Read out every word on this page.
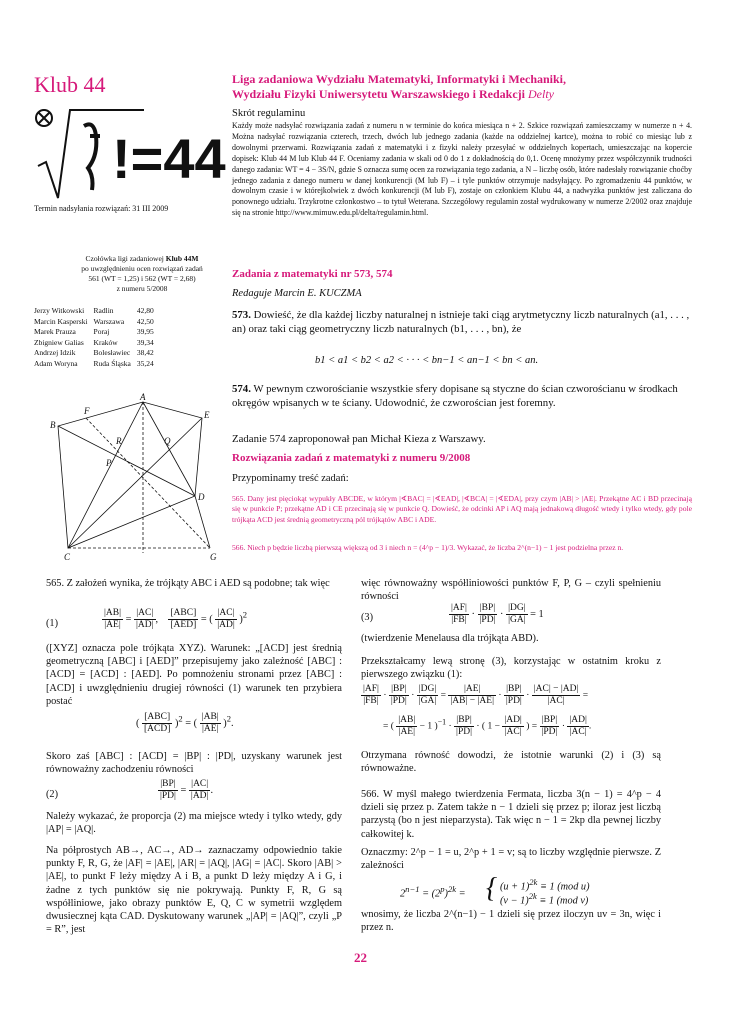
Klub 44
!=44
Termin nadsyłania rozwiązań: 31 III 2009
Czołówka ligi zadaniowej Klub 44M
po uwzględnieniu ocen rozwiązań zadań
561 (WT = 1,25) i 562 (WT = 2,68)
z numeru 5/2008
Jerzy Witkowski	Radlin	42,80
Marcin Kasperski	Warszawa	42,50
Marek Prauza	Poraj	39,95
Zbigniew Galias	Kraków	39,34
Andrzej Idzik	Bolesławiec	38,42
Adam Woryna	Ruda Śląska	35,24
A
B
C
D
E
F
G
P
Q
R
Liga zadaniowa Wydziału Matematyki, Informatyki i Mechaniki,
Wydziału Fizyki Uniwersytetu Warszawskiego i Redakcji Delty
Skrót regulaminu
Każdy może nadsyłać rozwiązania zadań z numeru n w terminie do końca miesiąca n + 2. Szkice rozwiązań zamieszczamy w numerze n + 4. Można nadsyłać rozwiązania czterech, trzech, dwóch lub jednego zadania (każde na oddzielnej kartce), można to robić co miesiąc lub z dowolnymi przerwami. Rozwiązania zadań z matematyki i z fizyki należy przesyłać w oddzielnych kopertach, umieszczając na kopercie dopisek: Klub 44 M lub Klub 44 F. Oceniamy zadania w skali od 0 do 1 z dokładnością do 0,1. Ocenę mnożymy przez współczynnik trudności danego zadania: WT = 4 − 3S/N, gdzie S oznacza sumę ocen za rozwiązania tego zadania, a N – liczbę osób, które nadesłały rozwiązanie choćby jednego zadania z danego numeru w danej konkurencji (M lub F) – i tyle punktów otrzymuje nadsyłający. Po zgromadzeniu 44 punktów, w dowolnym czasie i w którejkolwiek z dwóch konkurencji (M lub F), zostaje on członkiem Klubu 44, a nadwyżka punktów jest zaliczana do ponownego udziału. Trzykrotne członkostwo – to tytuł Weterana. Szczegółowy regulamin został wydrukowany w numerze 2/2002 oraz znajduje się na stronie http://www.mimuw.edu.pl/delta/regulamin.html.
Zadania z matematyki nr 573, 574
Redaguje Marcin E. KUCZMA
573. Dowieść, że dla każdej liczby naturalnej n istnieje taki ciąg arytmetyczny liczb naturalnych (a1, . . . , an) oraz taki ciąg geometryczny liczb naturalnych (b1, . . . , bn), że
b1 < a1 < b2 < a2 < · · · < bn−1 < an−1 < bn < an.
574. W pewnym czworościanie wszystkie sfery dopisane są styczne do ścian czworościanu w środkach okręgów wpisanych w te ściany. Udowodnić, że czworościan jest foremny.
Zadanie 574 zaproponował pan Michał Kieza z Warszawy.
Rozwiązania zadań z matematyki z numeru 9/2008
Przypominamy treść zadań:
565. Dany jest pięciokąt wypukły ABCDE, w którym |∢BAC| = |∢EAD|, |∢BCA| = |∢EDA|, przy czym |AB| > |AE|. Przekątne AC i BD przecinają się w punkcie P; przekątne AD i CE przecinają się w punkcie Q. Dowieść, że odcinki AP i AQ mają jednakową długość wtedy i tylko wtedy, gdy pole trójkąta ACD jest średnią geometryczną pól trójkątów ABC i ADE.
566. Niech p będzie liczbą pierwszą większą od 3 i niech n = (4^p − 1)/3. Wykazać, że liczba 2^(n−1) − 1 jest podzielna przez n.
565. Z założeń wynika, że trójkąty ABC i AED są podobne; tak więc
(1)	$\frac{|AB|}{|AE|} = \frac{|AC|}{|AD|}$ , $\frac{\text{[ABC]}}{\text{[AED]}}$ = ( $\frac{|AC|}{|AD|} )^2$
([XYZ] oznacza pole trójkąta XYZ). Warunek: „[ACD] jest średnią geometryczną [ABC] i [AED]” przepisujemy jako zależność [ABC] : [ACD] = [ACD] : [AED]. Po pomnożeniu stronami przez [ABC] : [ACD] i uwzględnieniu drugiej równości (1) warunek ten przybiera postać
( $\frac{\text{[ABC]}}{\text{[ACD]}} )^2$ = ( $\frac{|AB|}{|AE|} )^2$.
Skoro zaś [ABC] : [ACD] = |BP| : |PD|, uzyskany warunek jest równoważny zachodzeniu równości
(2)	$\frac{|BP|}{|PD|} = \frac{|AC|}{|AD|}$ .
Należy wykazać, że proporcja (2) ma miejsce wtedy i tylko wtedy, gdy |AP| = |AQ|.
Na półprostych AB→, AC→, AD→ zaznaczamy odpowiednio takie punkty F, R, G, że |AF| = |AE|, |AR| = |AQ|, |AG| = |AC|. Skoro |AB| > |AE|, to punkt F leży między A i B, a punkt D leży między A i G, i żadne z tych punktów się nie pokrywają. Punkty F, R, G są współliniowe, jako obrazy punktów E, Q, C w symetrii względem dwusiecznej kąta CAD. Dyskutowany warunek „|AP| = |AQ|”, czyli „P = R”, jest
więc równoważny współliniowości punktów F, P, G – czyli spełnieniu równości
(3)	$\frac{|AF|}{|FB|} \cdot \frac{|BP|}{|PD|} \cdot \frac{|DG|}{|GA|} = 1$
(twierdzenie Menelausa dla trójkąta ABD).
Przekształcamy lewą stronę (3), korzystając w ostatnim kroku z pierwszego związku (1):
$\frac{|AF|}{|FB|} \cdot \frac{|BP|}{|PD|} \cdot \frac{|DG|}{|GA|} = \frac{|AE|}{|AB| - |AE|} \cdot \frac{|BP|}{|PD|} \cdot \frac{|AC| - |AD|}{|AC|}$ =
= ( $\frac{|AB|}{|AE|} - 1$ )$^{-1} \cdot \frac{|BP|}{|PD|}$ · ( $1 - \frac{|AD|}{|AC|}$ ) = $\frac{|BP|}{|PD|} \cdot \frac{|AD|}{|AC|}$ .
Otrzymana równość dowodzi, że istotnie warunki (2) i (3) są równoważne.
566. W myśl małego twierdzenia Fermata, liczba 3(n − 1) = 4^p − 4 dzieli się przez p. Zatem także n − 1 dzieli się przez p; iloraz jest liczbą parzystą (bo n jest nieparzysta). Tak więc n − 1 = 2kp dla pewnej liczby całkowitej k.
Oznaczmy: 2^p − 1 = u, 2^p + 1 = v; są to liczby względnie pierwsze. Z zależności
$2^{n-1} = (2^p)^{2k}$ = { $(u + 1)^{2k} \equiv 1$ (mod u)
$(v - 1)^{2k} \equiv 1$ (mod v)
wnosimy, że liczba 2^(n−1) − 1 dzieli się przez iloczyn uv = 3n, więc i przez n.
22
